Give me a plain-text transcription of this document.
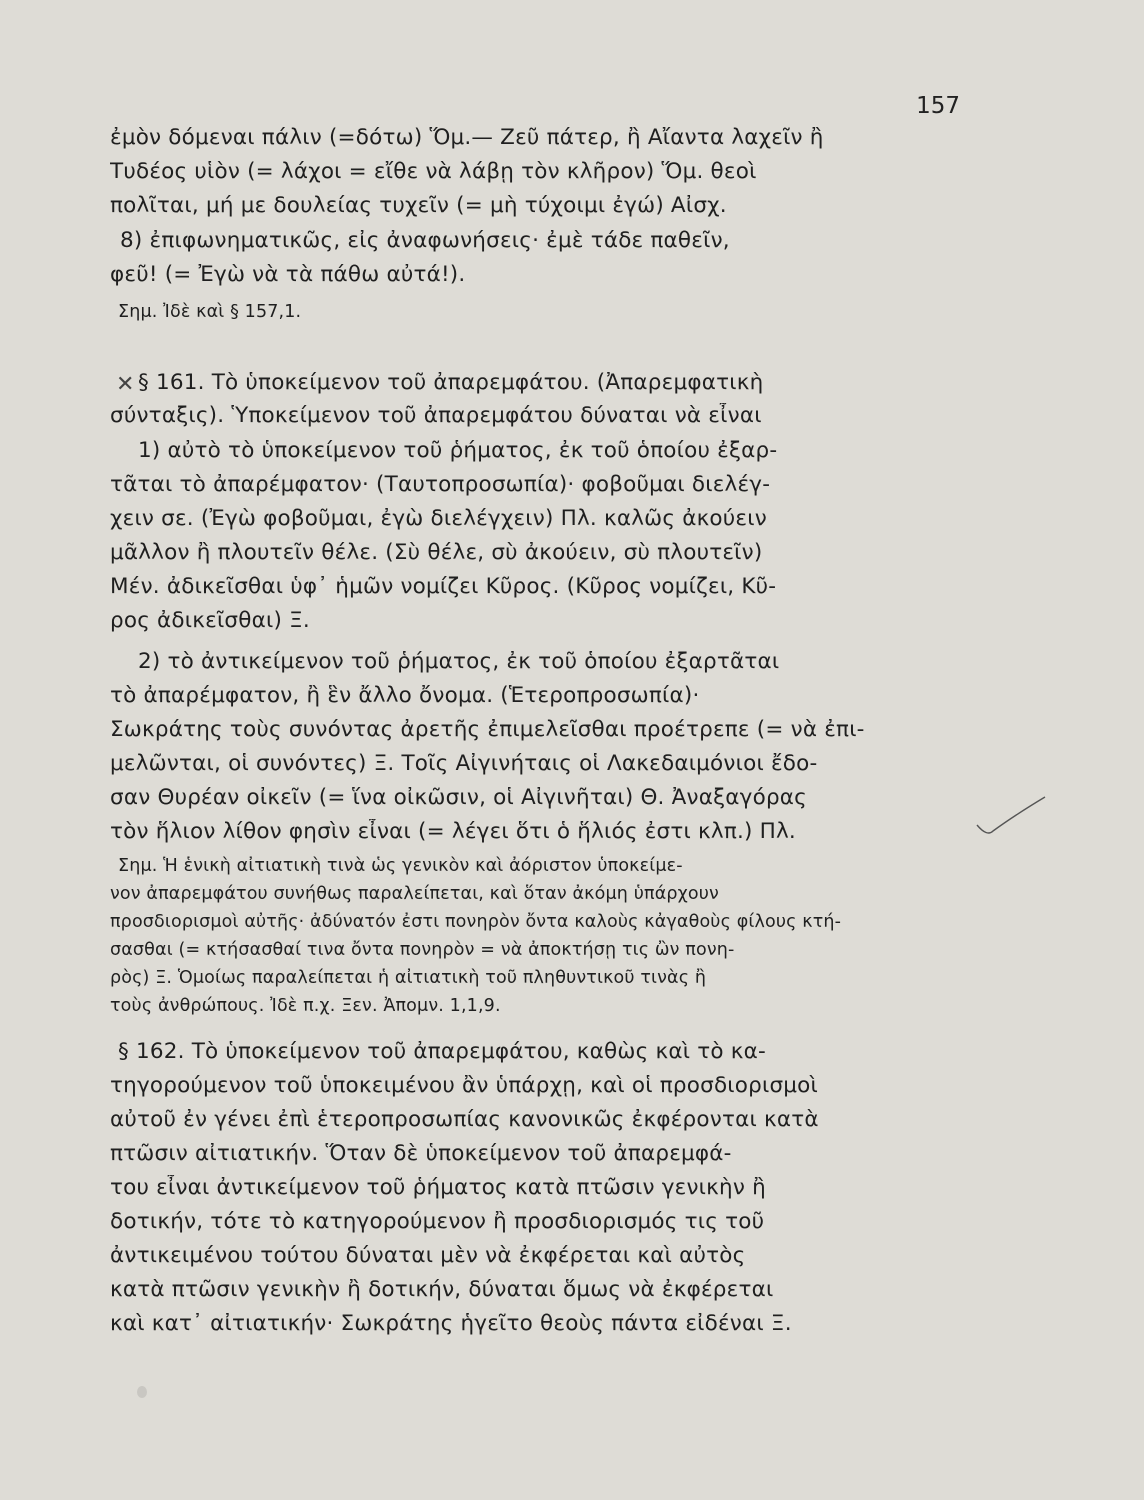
157
✕
ἐμὸν δόμεναι πάλιν (=δότω) Ὅμ.— Ζεῦ πάτερ, ἢ Αἴαντα λαχεῖν ἢ
Τυδέος υἱὸν (= λάχοι = εἴθε νὰ λάβῃ τὸν κλῆρον) Ὅμ. θεοὶ
πολῖται, μή με δουλείας τυχεῖν (= μὴ τύχοιμι ἐγώ) Αἰσχ.
8) ἐπιφωνηματικῶς, εἰς ἀναφωνήσεις· ἐμὲ τάδε παθεῖν,
φεῦ! (= Ἐγὼ νὰ τὰ πάθω αὐτά!).
Σημ. Ἰδὲ καὶ § 157,1.
§ 161. Τὸ ὑποκείμενον τοῦ ἀπαρεμφάτου. (Ἀπαρεμφατικὴ
σύνταξις). Ὑποκείμενον τοῦ ἀπαρεμφάτου δύναται νὰ εἶναι
1) αὐτὸ τὸ ὑποκείμενον τοῦ ῥήματος, ἐκ τοῦ ὁποίου ἐξαρ-
τᾶται τὸ ἀπαρέμφατον· (Ταυτοπροσωπία)· φοβοῦμαι διελέγ-
χειν σε. (Ἐγὼ φοβοῦμαι, ἐγὼ διελέγχειν) Πλ. καλῶς ἀκούειν
μᾶλλον ἢ πλουτεῖν θέλε. (Σὺ θέλε, σὺ ἀκούειν, σὺ πλουτεῖν)
Μέν. ἀδικεῖσθαι ὑφ᾽ ἡμῶν νομίζει Κῦρος. (Κῦρος νομίζει, Κῦ-
ρος ἀδικεῖσθαι) Ξ.
2) τὸ ἀντικείμενον τοῦ ῥήματος, ἐκ τοῦ ὁποίου ἐξαρτᾶται
τὸ ἀπαρέμφατον, ἢ ἓν ἄλλο ὄνομα. (Ἑτεροπροσωπία)·
Σωκράτης τοὺς συνόντας ἀρετῆς ἐπιμελεῖσθαι προέτρεπε (= νὰ ἐπι-
μελῶνται, οἱ συνόντες) Ξ. Τοῖς Αἰγινήταις οἱ Λακεδαιμόνιοι ἔδο-
σαν Θυρέαν οἰκεῖν (= ἵνα οἰκῶσιν, οἱ Αἰγινῆται) Θ. Ἀναξαγόρας
τὸν ἥλιον λίθον φησὶν εἶναι (= λέγει ὅτι ὁ ἥλιός ἐστι κλπ.) Πλ.
Σημ. Ἡ ἑνικὴ αἰτιατικὴ τινὰ ὡς γενικὸν καὶ ἀόριστον ὑποκείμε-
νον ἀπαρεμφάτου συνήθως παραλείπεται, καὶ ὅταν ἀκόμη ὑπάρχουν
προσδιορισμοὶ αὐτῆς· ἀδύνατόν ἐστι πονηρὸν ὄντα καλοὺς κἀγαθοὺς φίλους κτή-
σασθαι (= κτήσασθαί τινα ὄντα πονηρὸν = νὰ ἀποκτήσῃ τις ὢν πονη-
ρὸς) Ξ. Ὁμοίως παραλείπεται ἡ αἰτιατικὴ τοῦ πληθυντικοῦ τινὰς ἢ
τοὺς ἀνθρώπους. Ἰδὲ π.χ. Ξεν. Ἀπομν. 1,1,9.
§ 162. Τὸ ὑποκείμενον τοῦ ἀπαρεμφάτου, καθὼς καὶ τὸ κα-
τηγορούμενον τοῦ ὑποκειμένου ἂν ὑπάρχῃ, καὶ οἱ προσδιορισμοὶ
αὐτοῦ ἐν γένει ἐπὶ ἑτεροπροσωπίας κανονικῶς ἐκφέρονται κατὰ
πτῶσιν αἰτιατικήν. Ὅταν δὲ ὑποκείμενον τοῦ ἀπαρεμφά-
του εἶναι ἀντικείμενον τοῦ ῥήματος κατὰ πτῶσιν γενικὴν ἢ
δοτικήν, τότε τὸ κατηγορούμενον ἢ προσδιορισμός τις τοῦ
ἀντικειμένου τούτου δύναται μὲν νὰ ἐκφέρεται καὶ αὐτὸς
κατὰ πτῶσιν γενικὴν ἢ δοτικήν, δύναται ὅμως νὰ ἐκφέρεται
καὶ κατ᾽ αἰτιατικήν· Σωκράτης ἡγεῖτο θεοὺς πάντα εἰδέναι Ξ.
